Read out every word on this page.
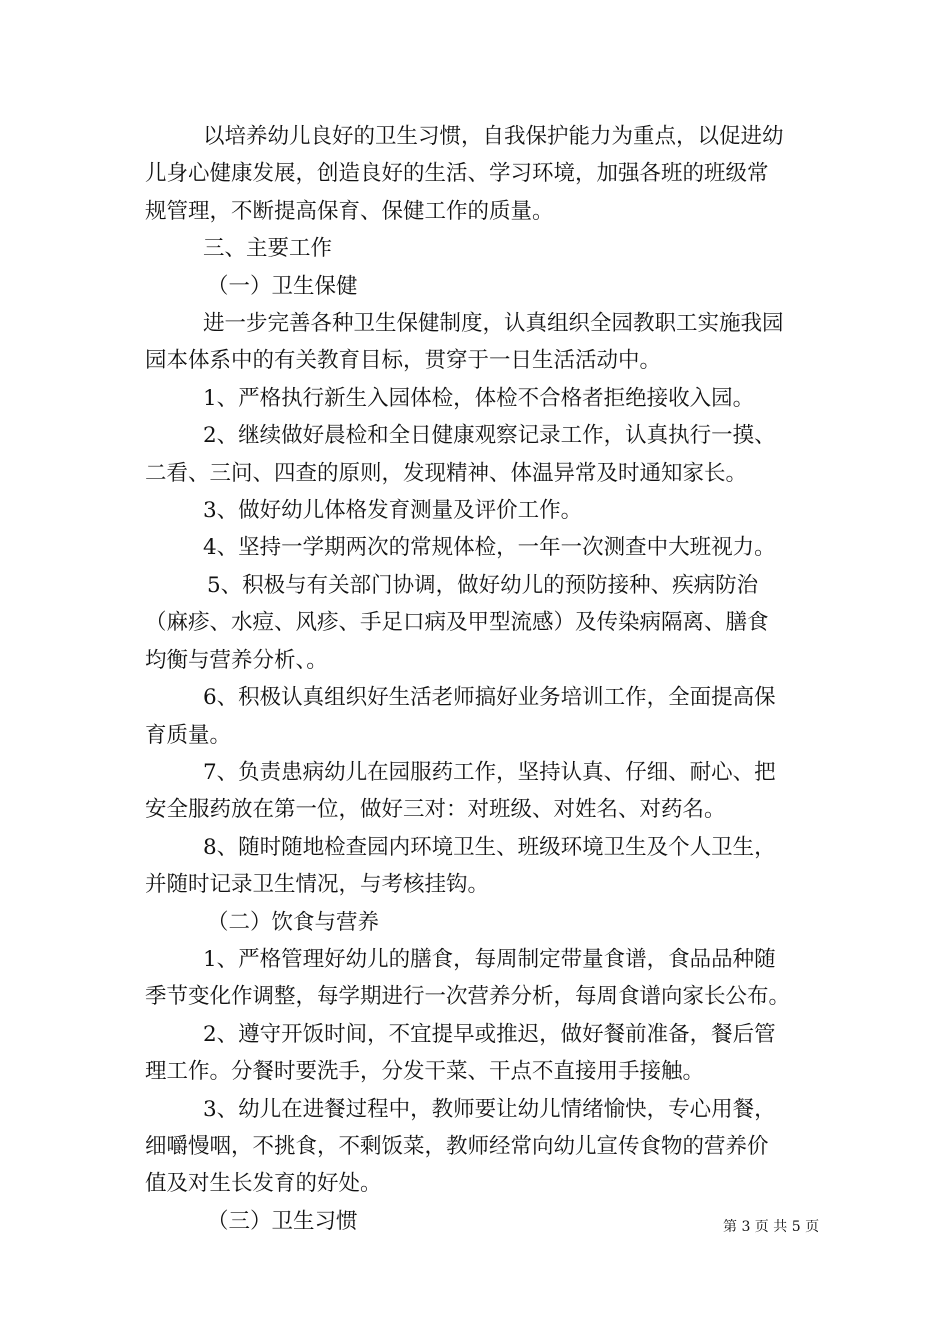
以培养幼儿良好的卫生习惯，自我保护能力为重点，以促进幼

儿身心健康发展，创造良好的生活、学习环境，加强各班的班级常

规管理，不断提高保育、保健工作的质量。

三、主要工作

（一）卫生保健

进一步完善各种卫生保健制度，认真组织全园教职工实施我园

园本体系中的有关教育目标，贯穿于一日生活活动中。

1、严格执行新生入园体检，体检不合格者拒绝接收入园。

2、继续做好晨检和全日健康观察记录工作，认真执行一摸、

二看、三问、四查的原则，发现精神、体温异常及时通知家长。

3、做好幼儿体格发育测量及评价工作。

4、坚持一学期两次的常规体检，一年一次测查中大班视力。

5、积极与有关部门协调，做好幼儿的预防接种、疾病防治

（麻疹、水痘、风疹、手足口病及甲型流感）及传染病隔离、膳食

均衡与营养分析、。

6、积极认真组织好生活老师搞好业务培训工作，全面提高保

育质量。

7、负责患病幼儿在园服药工作，坚持认真、仔细、耐心、把

安全服药放在第一位，做好三对：对班级、对姓名、对药名。

8、随时随地检查园内环境卫生、班级环境卫生及个人卫生，

并随时记录卫生情况，与考核挂钩。

（二）饮食与营养

1、严格管理好幼儿的膳食，每周制定带量食谱，食品品种随

季节变化作调整，每学期进行一次营养分析，每周食谱向家长公布。

2、遵守开饭时间，不宜提早或推迟，做好餐前准备，餐后管

理工作。分餐时要洗手，分发干菜、干点不直接用手接触。

3、幼儿在进餐过程中，教师要让幼儿情绪愉快，专心用餐，

细嚼慢咽，不挑食，不剩饭菜，教师经常向幼儿宣传食物的营养价

值及对生长发育的好处。

（三）卫生习惯	第 3 页 共 5 页
